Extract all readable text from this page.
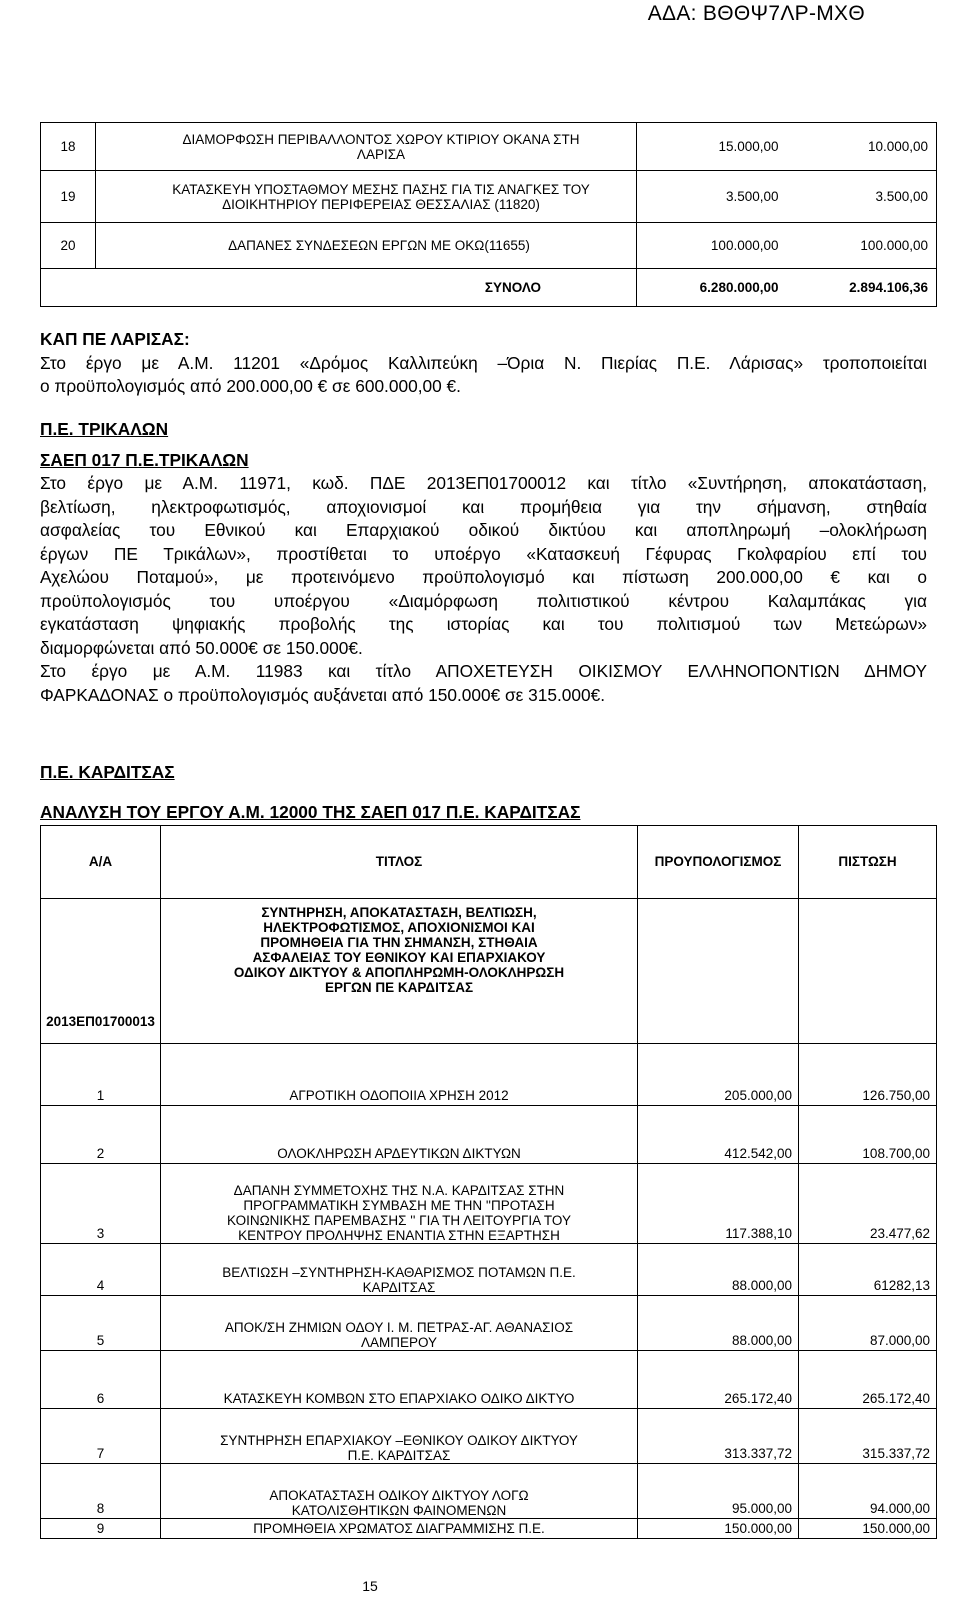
ΑΔΑ: ΒΘΘΨ7ΛΡ-ΜΧΘ
18	ΔΙΑΜΟΡΦΩΣΗ ΠΕΡΙΒΑΛΛΟΝΤΟΣ ΧΩΡΟΥ ΚΤΙΡΙΟΥ ΟΚΑΝΑ ΣΤΗ ΛΑΡΙΣΑ	15.000,00	10.000,00
19	ΚΑΤΑΣΚΕΥΗ ΥΠΟΣΤΑΘΜΟΥ ΜΕΣΗΣ ΠΑΣΗΣ ΓΙΑ ΤΙΣ ΑΝΑΓΚΕΣ ΤΟΥ ΔΙΟΙΚΗΤΗΡΙΟΥ ΠΕΡΙΦΕΡΕΙΑΣ ΘΕΣΣΑΛΙΑΣ (11820)	3.500,00	3.500,00
20	ΔΑΠΑΝΕΣ ΣΥΝΔΕΣΕΩΝ ΕΡΓΩΝ ΜΕ ΟΚΩ(11655)	100.000,00	100.000,00
	ΣΥΝΟΛΟ	6.280.000,00	2.894.106,36

ΚΑΠ ΠΕ ΛΑΡΙΣΑΣ:

Στο έργο με Α.Μ. 11201 «Δρόμος Καλλιπεύκη –Όρια Ν. Πιερίας Π.Ε. Λάρισας» τροποποιείται

ο προϋπολογισμός από 200.000,00 € σε 600.000,00 €.

Π.Ε. ΤΡΙΚΑΛΩΝ

ΣΑΕΠ 017 Π.Ε.ΤΡΙΚΑΛΩΝ

Στο έργο με Α.Μ. 11971, κωδ. ΠΔΕ 2013ΕΠ01700012 και τίτλο «Συντήρηση, αποκατάσταση,

βελτίωση, ηλεκτροφωτισμός, αποχιονισμοί και προμήθεια για την σήμανση, στηθαία

ασφαλείας του Εθνικού και Επαρχιακού οδικού δικτύου και αποπληρωμή –ολοκλήρωση

έργων ΠΕ Τρικάλων», προστίθεται το υποέργο «Κατασκευή Γέφυρας Γκολφαρίου επί του

Αχελώου Ποταμού», με προτεινόμενο προϋπολογισμό και πίστωση 200.000,00 € και ο

προϋπολογισμός του υποέργου «Διαμόρφωση πολιτιστικού κέντρου Καλαμπάκας για

εγκατάσταση ψηφιακής προβολής της ιστορίας και του πολιτισμού των Μετεώρων»

διαμορφώνεται από 50.000€ σε 150.000€.

Στο έργο με Α.Μ. 11983 και τίτλο ΑΠΟΧΕΤΕΥΣΗ ΟΙΚΙΣΜΟΥ ΕΛΛΗΝΟΠΟΝΤΙΩΝ ΔΗΜΟΥ

ΦΑΡΚΑΔΟΝΑΣ ο προϋπολογισμός αυξάνεται από 150.000€ σε 315.000€.

Π.Ε. ΚΑΡΔΙΤΣΑΣ

ΑΝΑΛΥΣΗ ΤΟΥ ΕΡΓΟΥ Α.Μ. 12000 ΤΗΣ ΣΑΕΠ 017 Π.Ε. ΚΑΡΔΙΤΣΑΣ

Α/Α	ΤΙΤΛΟΣ	ΠΡΟΥΠΟΛΟΓΙΣΜΟΣ	ΠΙΣΤΩΣΗ
2013ΕΠ01700013	ΣΥΝΤΗΡΗΣΗ, ΑΠΟΚΑΤΑΣΤΑΣΗ, ΒΕΛΤΙΩΣΗ, ΗΛΕΚΤΡΟΦΩΤΙΣΜΟΣ, ΑΠΟΧΙΟΝΙΣΜΟΙ ΚΑΙ ΠΡΟΜΗΘΕΙΑ ΓΙΑ ΤΗΝ ΣΗΜΑΝΣΗ, ΣΤΗΘΑΙΑ ΑΣΦΑΛΕΙΑΣ ΤΟΥ ΕΘΝΙΚΟΥ ΚΑΙ ΕΠΑΡΧΙΑΚΟΥ ΟΔΙΚΟΥ ΔΙΚΤΥΟΥ & ΑΠΟΠΛΗΡΩΜΗ-ΟΛΟΚΛΗΡΩΣΗ ΕΡΓΩΝ ΠΕ ΚΑΡΔΙΤΣΑΣ		
1	ΑΓΡΟΤΙΚΗ ΟΔΟΠΟΙΙΑ ΧΡΗΣΗ 2012	205.000,00	126.750,00
2	ΟΛΟΚΛΗΡΩΣΗ ΑΡΔΕΥΤΙΚΩΝ ΔΙΚΤΥΩΝ	412.542,00	108.700,00
3	ΔΑΠΑΝΗ ΣΥΜΜΕΤΟΧΗΣ ΤΗΣ Ν.Α. ΚΑΡΔΙΤΣΑΣ ΣΤΗΝ ΠΡΟΓΡΑΜΜΑΤΙΚΗ ΣΥΜΒΑΣΗ ΜΕ ΤΗΝ ''ΠΡΟΤΑΣΗ ΚΟΙΝΩΝΙΚΗΣ ΠΑΡΕΜΒΑΣΗΣ '' ΓΙΑ ΤΗ ΛΕΙΤΟΥΡΓΙΑ ΤΟΥ ΚΕΝΤΡΟΥ ΠΡΟΛΗΨΗΣ ΕΝΑΝΤΙΑ ΣΤΗΝ ΕΞΑΡΤΗΣΗ	117.388,10	23.477,62
4	ΒΕΛΤΙΩΣΗ –ΣΥΝΤΗΡΗΣΗ-ΚΑΘΑΡΙΣΜΟΣ ΠΟΤΑΜΩΝ Π.Ε. ΚΑΡΔΙΤΣΑΣ	88.000,00	61282,13
5	ΑΠΟΚ/ΣΗ ΖΗΜΙΩΝ ΟΔΟΥ Ι. Μ. ΠΕΤΡΑΣ-ΑΓ. ΑΘΑΝΑΣΙΟΣ ΛΑΜΠΕΡΟΥ	88.000,00	87.000,00
6	ΚΑΤΑΣΚΕΥΗ ΚΟΜΒΩΝ ΣΤΟ ΕΠΑΡΧΙΑΚΟ ΟΔΙΚΟ ΔΙΚΤΥΟ	265.172,40	265.172,40
7	ΣΥΝΤΗΡΗΣΗ ΕΠΑΡΧΙΑΚΟΥ –ΕΘΝΙΚΟΥ ΟΔΙΚΟΥ ΔΙΚΤΥΟΥ Π.Ε. ΚΑΡΔΙΤΣΑΣ	313.337,72	315.337,72
8	ΑΠΟΚΑΤΑΣΤΑΣΗ ΟΔΙΚΟΥ ΔΙΚΤΥΟΥ ΛΟΓΩ ΚΑΤΟΛΙΣΘΗΤΙΚΩΝ ΦΑΙΝΟΜΕΝΩΝ	95.000,00	94.000,00
9	ΠΡΟΜΗΘΕΙΑ ΧΡΩΜΑΤΟΣ ΔΙΑΓΡΑΜΜΙΣΗΣ Π.Ε.	150.000,00	150.000,00
15
